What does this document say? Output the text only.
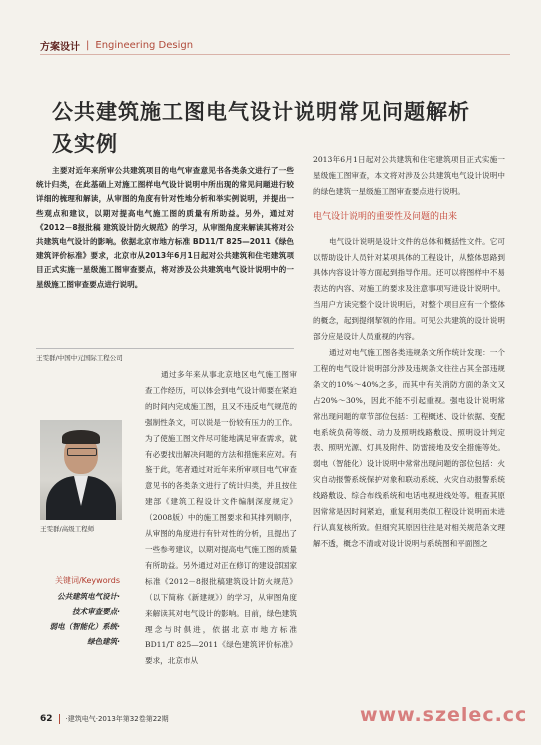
方案设计 | Engineering Design
公共建筑施工图电气设计说明常见问题解析及实例
主要对近年来所审公共建筑项目的电气审查意见书各类条文进行了一些统计归类，在此基础上对施工图样电气设计说明中所出现的常见问题进行较详细的梳理和解读，从审图的角度有针对性地分析和举实例说明，并提出一些观点和建议，以期对提高电气施工图的质量有所助益。另外，通过对《2012－8报批稿 建筑设计防火规范》的学习，从审图角度来解读其将对公共建筑电气设计的影响。依据北京市地方标准 BD11/T 825—2011《绿色建筑评价标准》要求，北京市从2013年6月1日起对公共建筑和住宅建筑项目正式实施一星级施工图审查要点，将对涉及公共建筑电气设计说明中的一星级施工图审查要点进行说明。
王雯群/中国中元国际工程公司
王雯群/高级工程师
关键词/Keywords
公共建筑电气设计·
技术审查要点·
弱电（智能化）系统·
绿色建筑·

通过多年来从事北京地区电气施工图审查工作经历，可以体会到电气设计师要在紧迫的时间内完成施工图，且又不违反电气规范的强制性条文，可以说是一份较有压力的工作。为了使施工图文件尽可能地满足审查需求，就有必要找出解决问题的方法和措施来应对。有鉴于此，笔者通过对近年来所审项目电气审查意见书的各类条文进行了统计归类，并且按住建部《建筑工程设计文件编制深度规定》（2008版）中的施工图要求和其排列顺序，从审图的角度进行有针对性的分析，且提出了一些参考建议，以期对提高电气施工图的质量有所助益。另外通过对正在修订的建设部国家标准《2012－8报批稿建筑设计防火规范》（以下简称《新建规》）的学习，从审图角度来解读其对电气设计的影响。目前，绿色建筑理念与时俱进，依据北京市地方标准 BD11/T 825—2011《绿色建筑评价标准》要求，北京市从

2013年6月1日起对公共建筑和住宅建筑项目正式实施一星级施工图审查，本文将对涉及公共建筑电气设计说明中的绿色建筑一星级施工图审查要点进行说明。

电气设计说明的重要性及问题的由来

电气设计说明是设计文件的总体和概括性文件。它可以帮助设计人员针对某项具体的工程设计，从整体思路到具体内容设计等方面起到指导作用。还可以将图样中不易表达的内容、对施工的要求及注意事项写进设计说明中。当用户方读完整个设计说明后，对整个项目应有一个整体的概念，起到提纲挈领的作用。可见公共建筑的设计说明部分应是设计人员重视的内容。

通过对电气施工图各类违规条文所作统计发现：一个工程的电气设计说明部分涉及违规条文往往占其全部违规条文的10%～40%之多，而其中有关消防方面的条文又占20%～30%，因此不能不引起重视。强电设计说明常常出现问题的章节部位包括：工程概述、设计依据、变配电系统负荷等级、动力及照明线路敷设、照明设计判定表、照明光源、灯具及附件、防雷接地及安全措施等处。弱电（智能化）设计说明中常常出现问题的部位包括：火灾自动报警系统保护对象和联动系统、火灾自动报警系统线路敷设、综合布线系统和电话电视进线处等。粗查其原因常常是因时间紧迫，重复利用类似工程设计说明而未进行认真复核所致。但细究其原因往往是对相关规范条文理解不透，概念不清或对设计说明与系统图和平面图之

62 ·建筑电气·2013年第32卷第22期	www.szelec.cc
